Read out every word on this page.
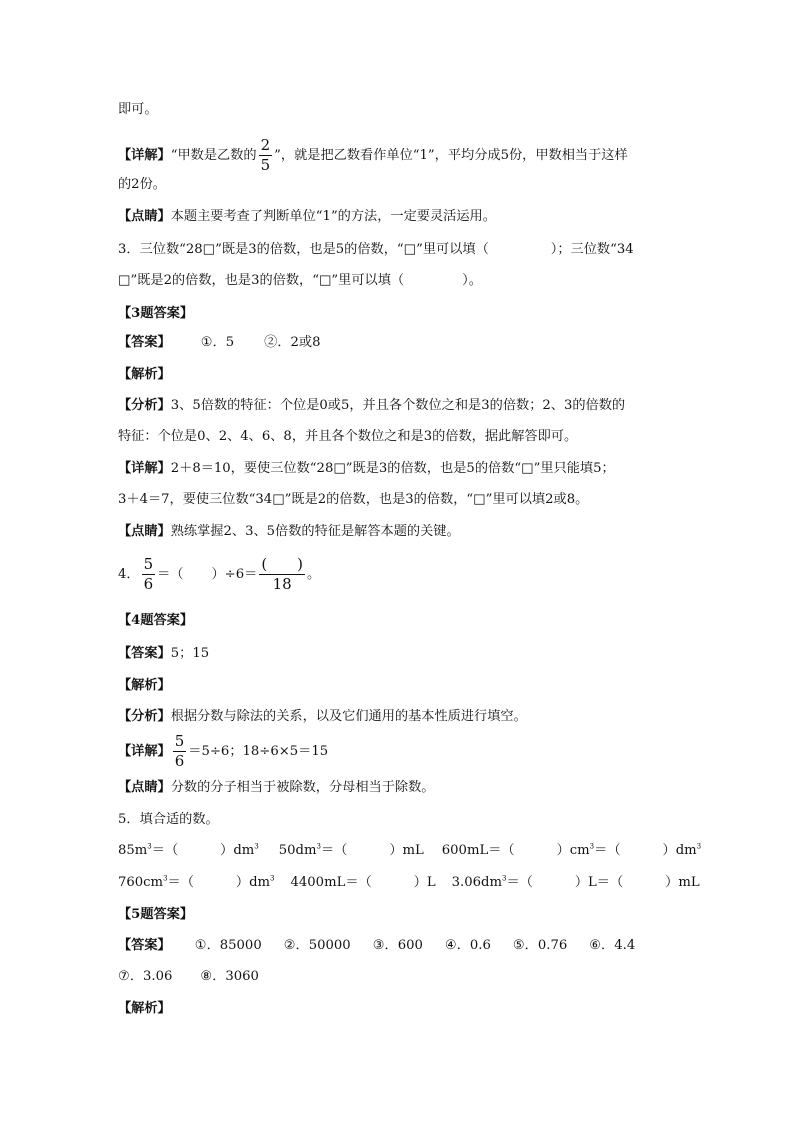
即可。
【详解】“甲数是乙数的 $\frac{2}{5}$ ”，就是把乙数看作单位“1”，平均分成5份，甲数相当于这样
的2份。
【点睛】本题主要考查了判断单位“1”的方法，一定要灵活运用。
3．三位数“28□”既是3的倍数，也是5的倍数，“□”里可以填（	）；三位数“34
□”既是2的倍数，也是3的倍数，“□”里可以填（	）。
【3题答案】
【答案】 ①．5 ②．2或8
【解析】
【分析】3、5倍数的特征：个位是0或5，并且各个数位之和是3的倍数；2、3的倍数的
特征：个位是0、2、4、6、8，并且各个数位之和是3的倍数，据此解答即可。
【详解】2＋8＝10，要使三位数“28□”既是3的倍数，也是5的倍数“□”里只能填5；
3＋4＝7，要使三位数“34□”既是2的倍数，也是3的倍数，“□”里可以填2或8。
【点睛】熟练掌握2、3、5倍数的特征是解答本题的关键。
4． $\frac{5}{6}$ ＝（ ）$\div 6= \frac{( )}{18}$ 。
【4题答案】
【答案】5；15
【解析】
【分析】根据分数与除法的关系，以及它们通用的基本性质进行填空。
【详解】 $\frac{5}{6} =5\div 6$；18÷6×5＝15
【点睛】分数的分子相当于被除数，分母相当于除数。
5．填合适的数。
$85m^3=$（	）$dm^3$ $50dm^3=$（	）mL 600mL＝（	）$cm^3=$（	）$dm^3$
$760cm^3=$（	）$dm^3$ 4400mL＝（	）L $3.06dm^3=$（	）L＝（	）mL
【5题答案】
【答案】 ①．85000 ②．50000 ③．600 ④．0.6 ⑤．0.76 ⑥．4.4
⑦．3.06 ⑧．3060
【解析】
